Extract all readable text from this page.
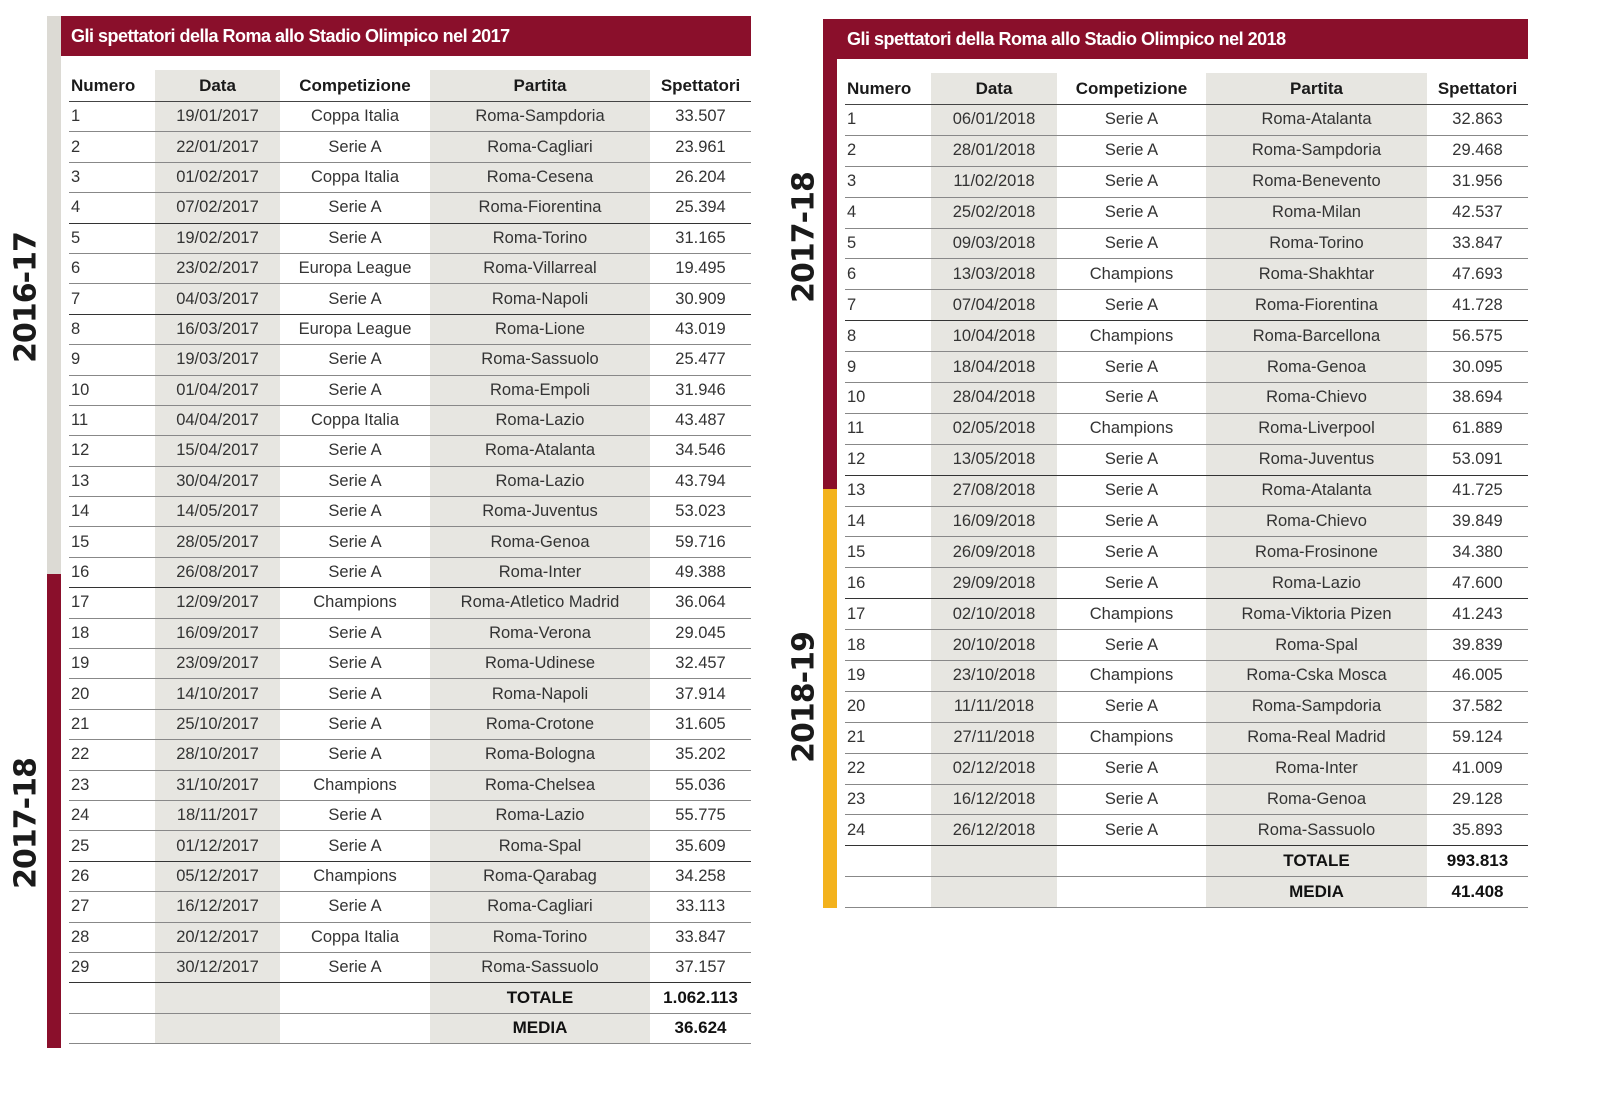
2016-17
2017-18
Gli spettatori della Roma allo Stadio Olimpico nel 2017
Numero	Data	Competizione	Partita	Spettatori
1	19/01/2017	Coppa Italia	Roma-Sampdoria	33.507
2	22/01/2017	Serie A	Roma-Cagliari	23.961
3	01/02/2017	Coppa Italia	Roma-Cesena	26.204
4	07/02/2017	Serie A	Roma-Fiorentina	25.394
5	19/02/2017	Serie A	Roma-Torino	31.165
6	23/02/2017	Europa League	Roma-Villarreal	19.495
7	04/03/2017	Serie A	Roma-Napoli	30.909
8	16/03/2017	Europa League	Roma-Lione	43.019
9	19/03/2017	Serie A	Roma-Sassuolo	25.477
10	01/04/2017	Serie A	Roma-Empoli	31.946
11	04/04/2017	Coppa Italia	Roma-Lazio	43.487
12	15/04/2017	Serie A	Roma-Atalanta	34.546
13	30/04/2017	Serie A	Roma-Lazio	43.794
14	14/05/2017	Serie A	Roma-Juventus	53.023
15	28/05/2017	Serie A	Roma-Genoa	59.716
16	26/08/2017	Serie A	Roma-Inter	49.388
17	12/09/2017	Champions	Roma-Atletico Madrid	36.064
18	16/09/2017	Serie A	Roma-Verona	29.045
19	23/09/2017	Serie A	Roma-Udinese	32.457
20	14/10/2017	Serie A	Roma-Napoli	37.914
21	25/10/2017	Serie A	Roma-Crotone	31.605
22	28/10/2017	Serie A	Roma-Bologna	35.202
23	31/10/2017	Champions	Roma-Chelsea	55.036
24	18/11/2017	Serie A	Roma-Lazio	55.775
25	01/12/2017	Serie A	Roma-Spal	35.609
26	05/12/2017	Champions	Roma-Qarabag	34.258
27	16/12/2017	Serie A	Roma-Cagliari	33.113
28	20/12/2017	Coppa Italia	Roma-Torino	33.847
29	30/12/2017	Serie A	Roma-Sassuolo	37.157
			TOTALE	1.062.113
			MEDIA	36.624
2017-18
2018-19
Gli spettatori della Roma allo Stadio Olimpico nel 2018
Numero	Data	Competizione	Partita	Spettatori
1	06/01/2018	Serie A	Roma-Atalanta	32.863
2	28/01/2018	Serie A	Roma-Sampdoria	29.468
3	11/02/2018	Serie A	Roma-Benevento	31.956
4	25/02/2018	Serie A	Roma-Milan	42.537
5	09/03/2018	Serie A	Roma-Torino	33.847
6	13/03/2018	Champions	Roma-Shakhtar	47.693
7	07/04/2018	Serie A	Roma-Fiorentina	41.728
8	10/04/2018	Champions	Roma-Barcellona	56.575
9	18/04/2018	Serie A	Roma-Genoa	30.095
10	28/04/2018	Serie A	Roma-Chievo	38.694
11	02/05/2018	Champions	Roma-Liverpool	61.889
12	13/05/2018	Serie A	Roma-Juventus	53.091
13	27/08/2018	Serie A	Roma-Atalanta	41.725
14	16/09/2018	Serie A	Roma-Chievo	39.849
15	26/09/2018	Serie A	Roma-Frosinone	34.380
16	29/09/2018	Serie A	Roma-Lazio	47.600
17	02/10/2018	Champions	Roma-Viktoria Pizen	41.243
18	20/10/2018	Serie A	Roma-Spal	39.839
19	23/10/2018	Champions	Roma-Cska Mosca	46.005
20	11/11/2018	Serie A	Roma-Sampdoria	37.582
21	27/11/2018	Champions	Roma-Real Madrid	59.124
22	02/12/2018	Serie A	Roma-Inter	41.009
23	16/12/2018	Serie A	Roma-Genoa	29.128
24	26/12/2018	Serie A	Roma-Sassuolo	35.893
			TOTALE	993.813
			MEDIA	41.408
